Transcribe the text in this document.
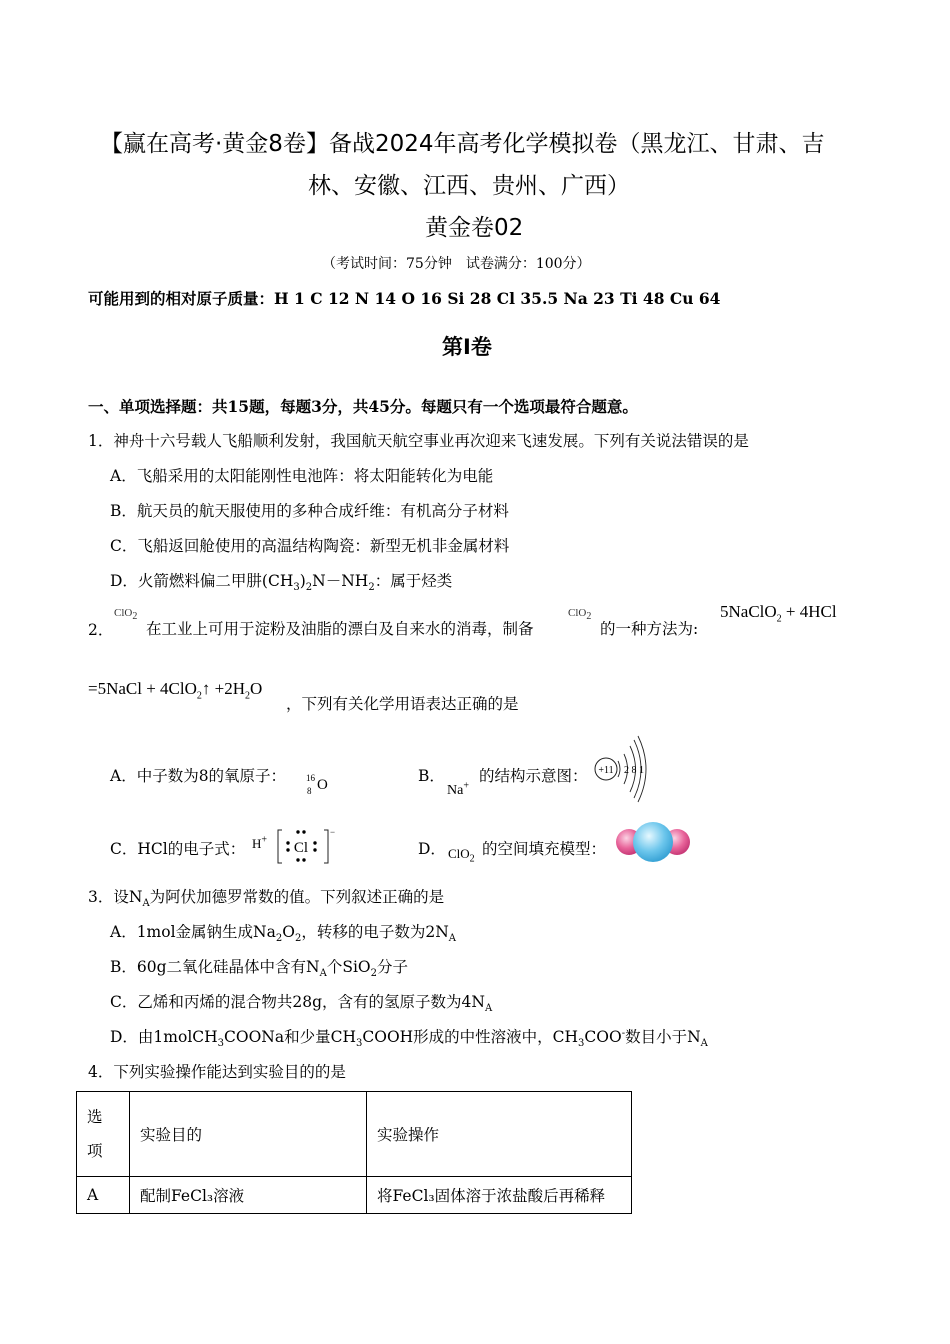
【赢在高考·黄金8卷】备战2024年高考化学模拟卷（黑龙江、甘肃、吉
林、安徽、江西、贵州、广西）
黄金卷02
（考试时间：75分钟　试卷满分：100分）
可能用到的相对原子质量：H 1 C 12 N 14 O 16 Si 28 Cl 35.5 Na 23 Ti 48 Cu 64
第Ⅰ卷
一、单项选择题：共15题，每题3分，共45分。每题只有一个选项最符合题意。
1．神舟十六号载人飞船顺利发射，我国航天航空事业再次迎来飞速发展。下列有关说法错误的是
A．飞船采用的太阳能刚性电池阵：将太阳能转化为电能
B．航天员的航天服使用的多种合成纤维：有机高分子材料
C．飞船返回舱使用的高温结构陶瓷：新型无机非金属材料
D．火箭燃料偏二甲肼$(CH_3)_2N-NH_2$：属于烃类
2．
ClO$_2$
在工业上可用于淀粉及油脂的漂白及自来水的消毒，制备
ClO$_2$
的一种方法为:
5NaClO$_2$ + 4HCl
=5NaCl + 4ClO$_2$↑ $+2H_2O$
，下列有关化学用语表达正确的是
A．中子数为8的氧原子： 16
8 O	B．
Na+
的结构示意图： +11 2 8 1
C．HCl的电子式： H+ Cl
−
D． ClO$_2$
的空间填充模型：
3．设$N_A$为阿伏加德罗常数的值。下列叙述正确的是
A．1mol金属钠生成$Na_2O_2$，转移的电子数为$2N_A$
B．60g二氧化硅晶体中含有$N_A$个SiO$_2$分子
C．乙烯和丙烯的混合物共28g，含有的氢原子数为$4N_A$
D．由1molCH$_3$COONa和少量$CH_3COOH$形成的中性溶液中，$CH_3COO^-$数目小于$N_A$
4．下列实验操作能达到实验目的的是
选
项	实验目的	实验操作
A	配制FeCl₃溶液	将FeCl₃固体溶于浓盐酸后再稀释
